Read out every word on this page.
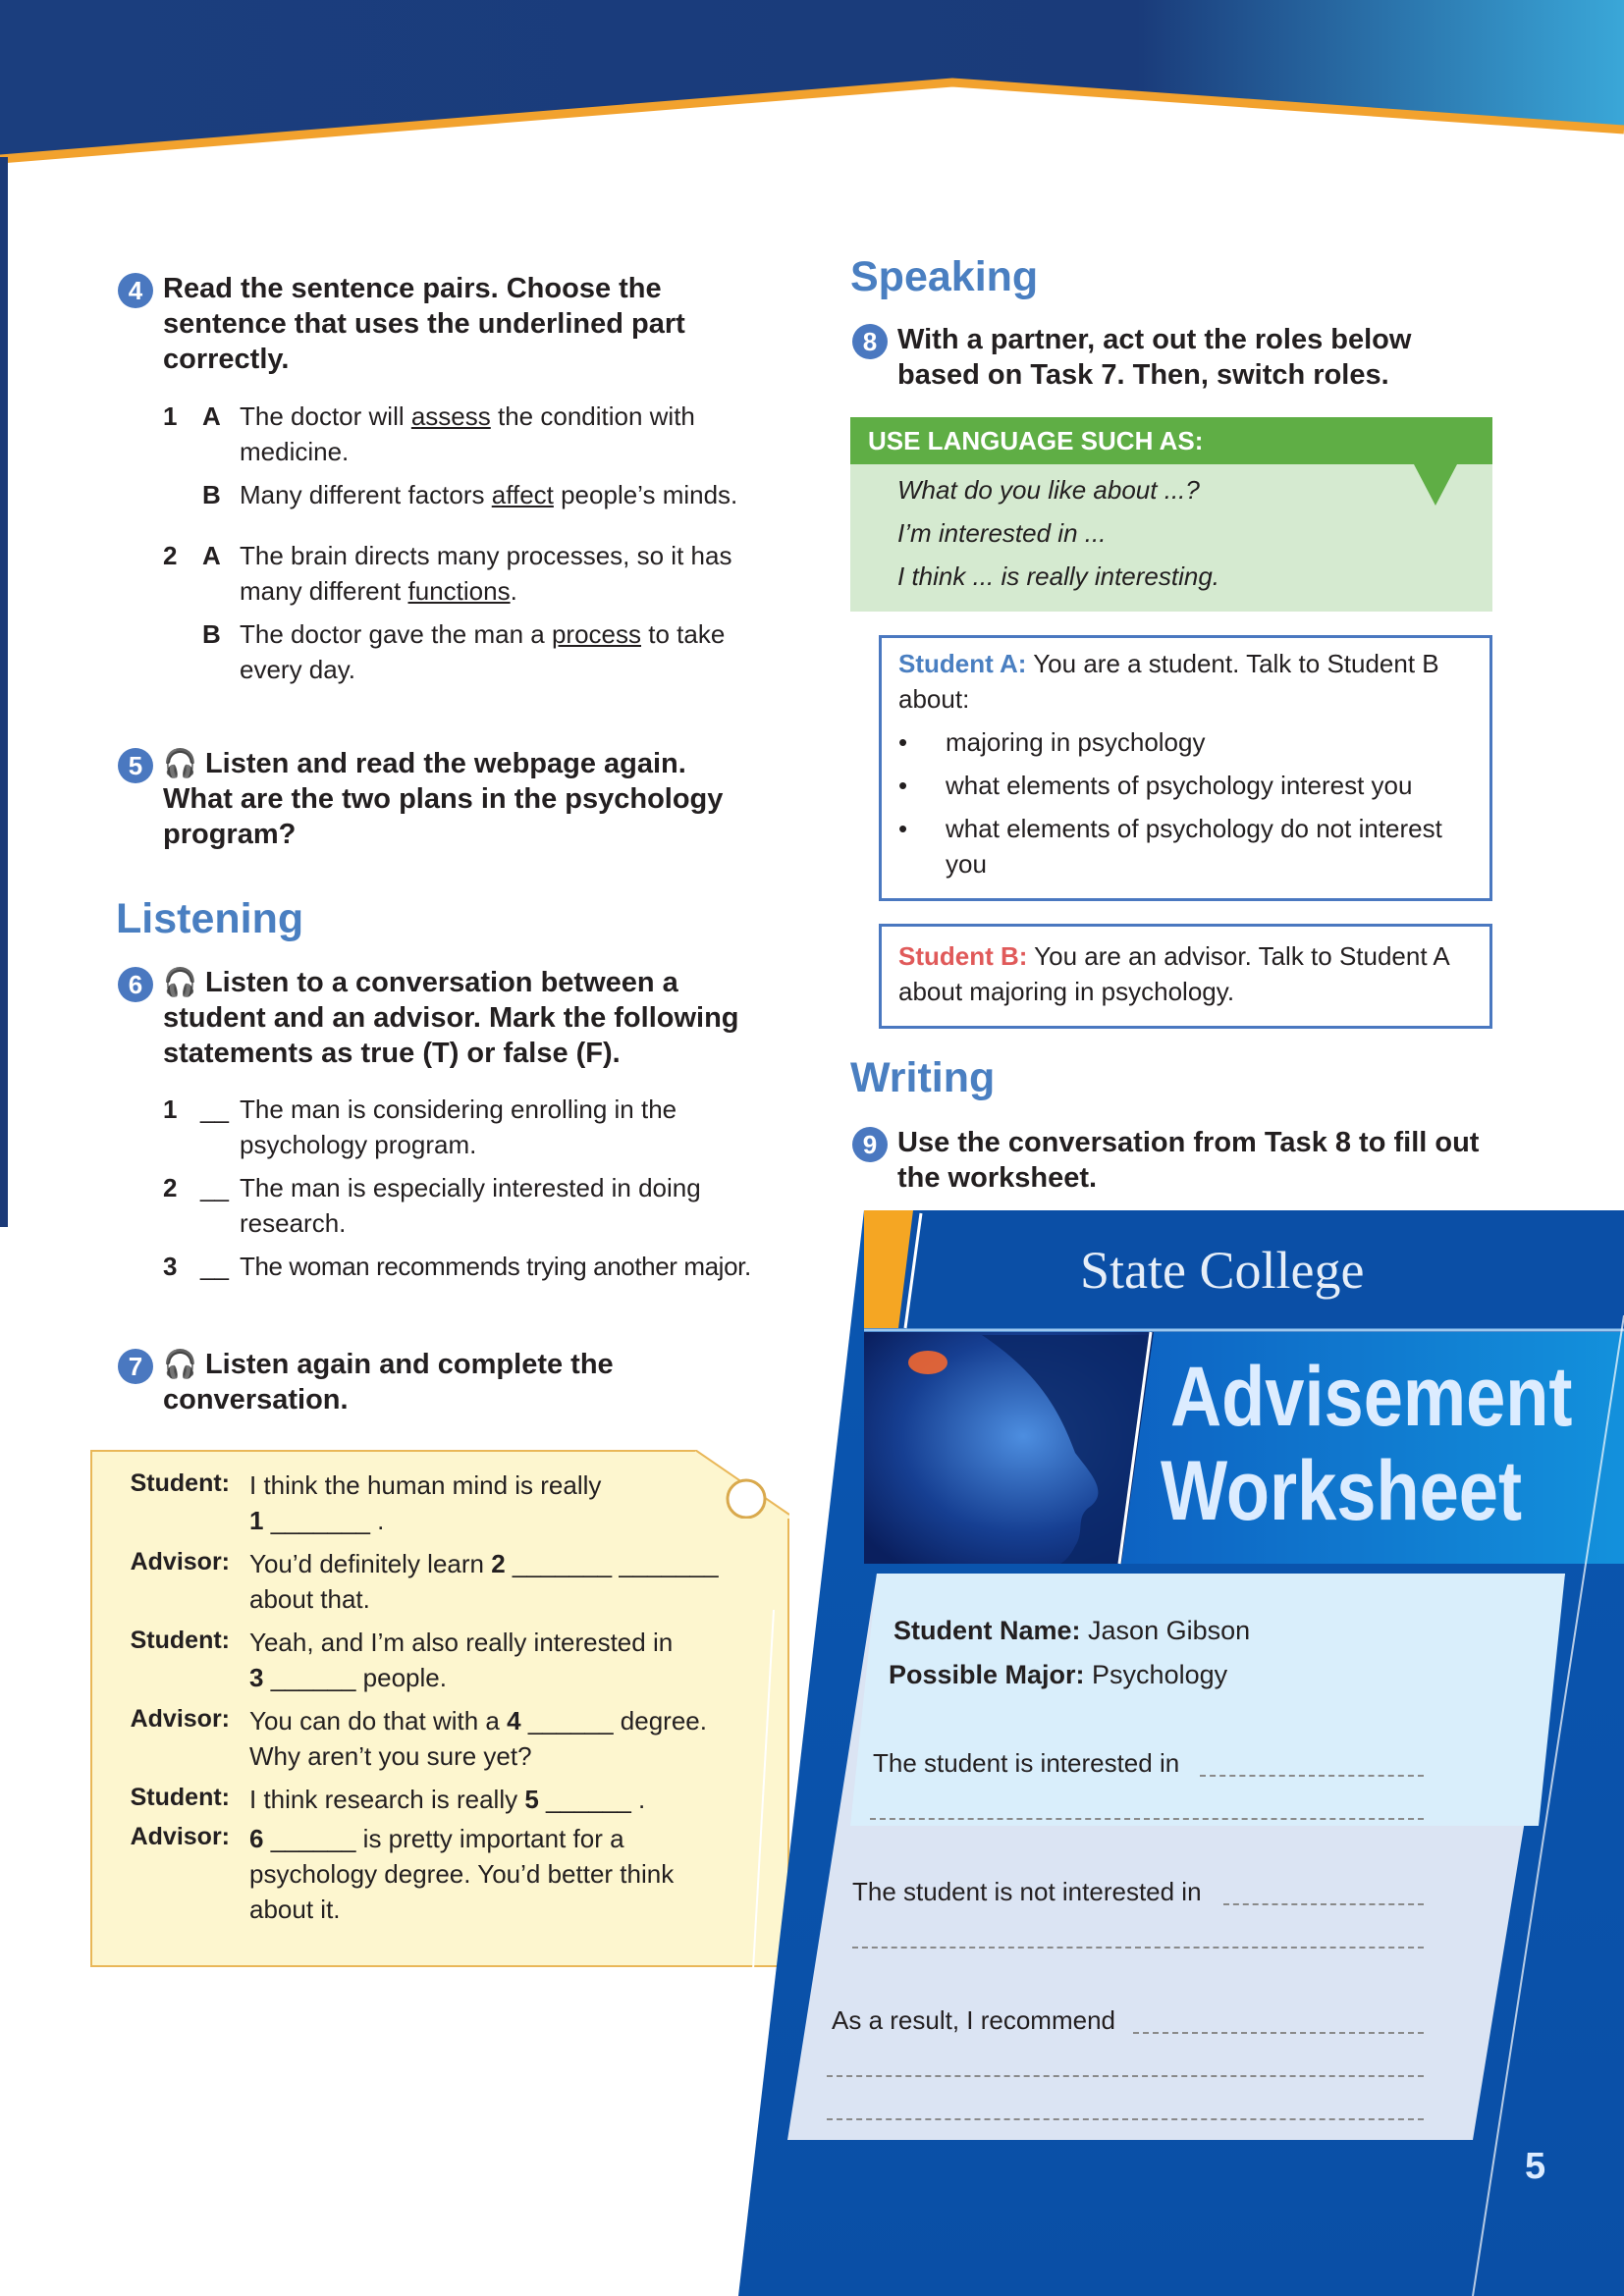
4 Read the sentence pairs. Choose the
sentence that uses the underlined part
correctly.
1 A The doctor will assess the condition with
medicine.
B Many different factors affect people’s minds.
2 A The brain directs many processes, so it has
many different functions.
B The doctor gave the man a process to take
every day.
5 🎧 Listen and read the webpage again.
What are the two plans in the psychology
program?
Listening
6 🎧 Listen to a conversation between a
student and an advisor. Mark the following
statements as true (T) or false (F).
1 __ The man is considering enrolling in the
psychology program.
2 __ The man is especially interested in doing
research.
3 __ The woman recommends trying another major.
7 🎧 Listen again and complete the
conversation.
Student: I think the human mind is really
1 _______ .
Advisor: You’d definitely learn 2 _______ _______
about that.
Student: Yeah, and I’m also really interested in
3 ______ people.
Advisor: You can do that with a 4 ______ degree.
Why aren’t you sure yet?
Student: I think research is really 5 ______ .
Advisor: 6 ______ is pretty important for a
psychology degree. You’d better think
about it.
Speaking
8 With a partner, act out the roles below
based on Task 7. Then, switch roles.
USE LANGUAGE SUCH AS:
What do you like about ...?
I’m interested in ...
I think ... is really interesting.
Student A: You are a student. Talk to Student B
about:
• majoring in psychology
• what elements of psychology interest you
• what elements of psychology do not interest
you
Student B: You are an advisor. Talk to Student A
about majoring in psychology.
Writing
9 Use the conversation from Task 8 to fill out
the worksheet.
State College
Advisement
Worksheet
Student Name: Jason Gibson
Possible Major: Psychology
The student is interested in
The student is not interested in
As a result, I recommend
5
